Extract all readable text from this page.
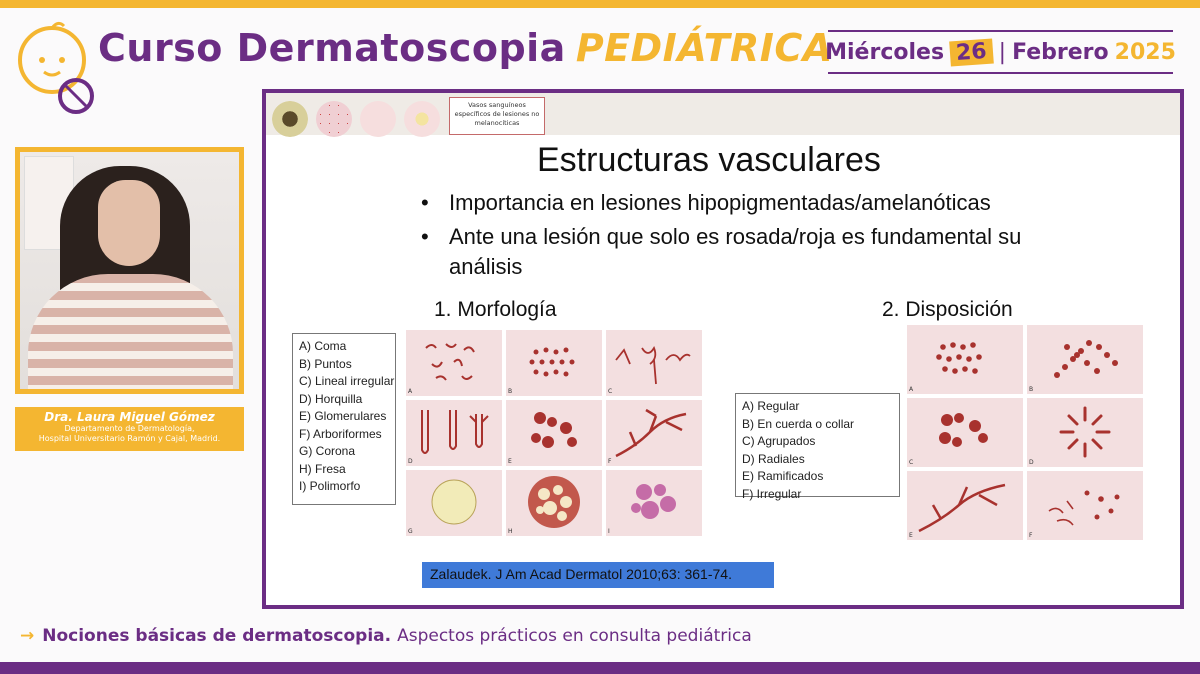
Curso Dermatoscopia PEDIÁTRICA
Miércoles 26 | Febrero 2025
Dra. Laura Miguel Gómez
Departamento de Dermatología,
Hospital Universitario Ramón y Cajal, Madrid.
Vasos sanguíneos específicos de lesiones no melanocíticas
Estructuras vasculares
• Importancia en lesiones hipopigmentadas/amelanóticas
• Ante una lesión que solo es rosada/roja es fundamental su análisis
1. Morfología	2. Disposición
A) Coma
B) Puntos
C) Lineal irregular
D) Horquilla
E) Glomerulares
F) Arboriformes
G) Corona
H) Fresa
I) Polimorfo
A	B	C
D	E	F
G	H	I
A) Regular
B) En cuerda o collar
C) Agrupados
D) Radiales
E) Ramificados
F) Irregular
A	B
C	D
E	F
Zalaudek. J Am Acad Dermatol 2010;63: 361-74.
→ Nociones básicas de dermatoscopia. Aspectos prácticos en consulta pediátrica
